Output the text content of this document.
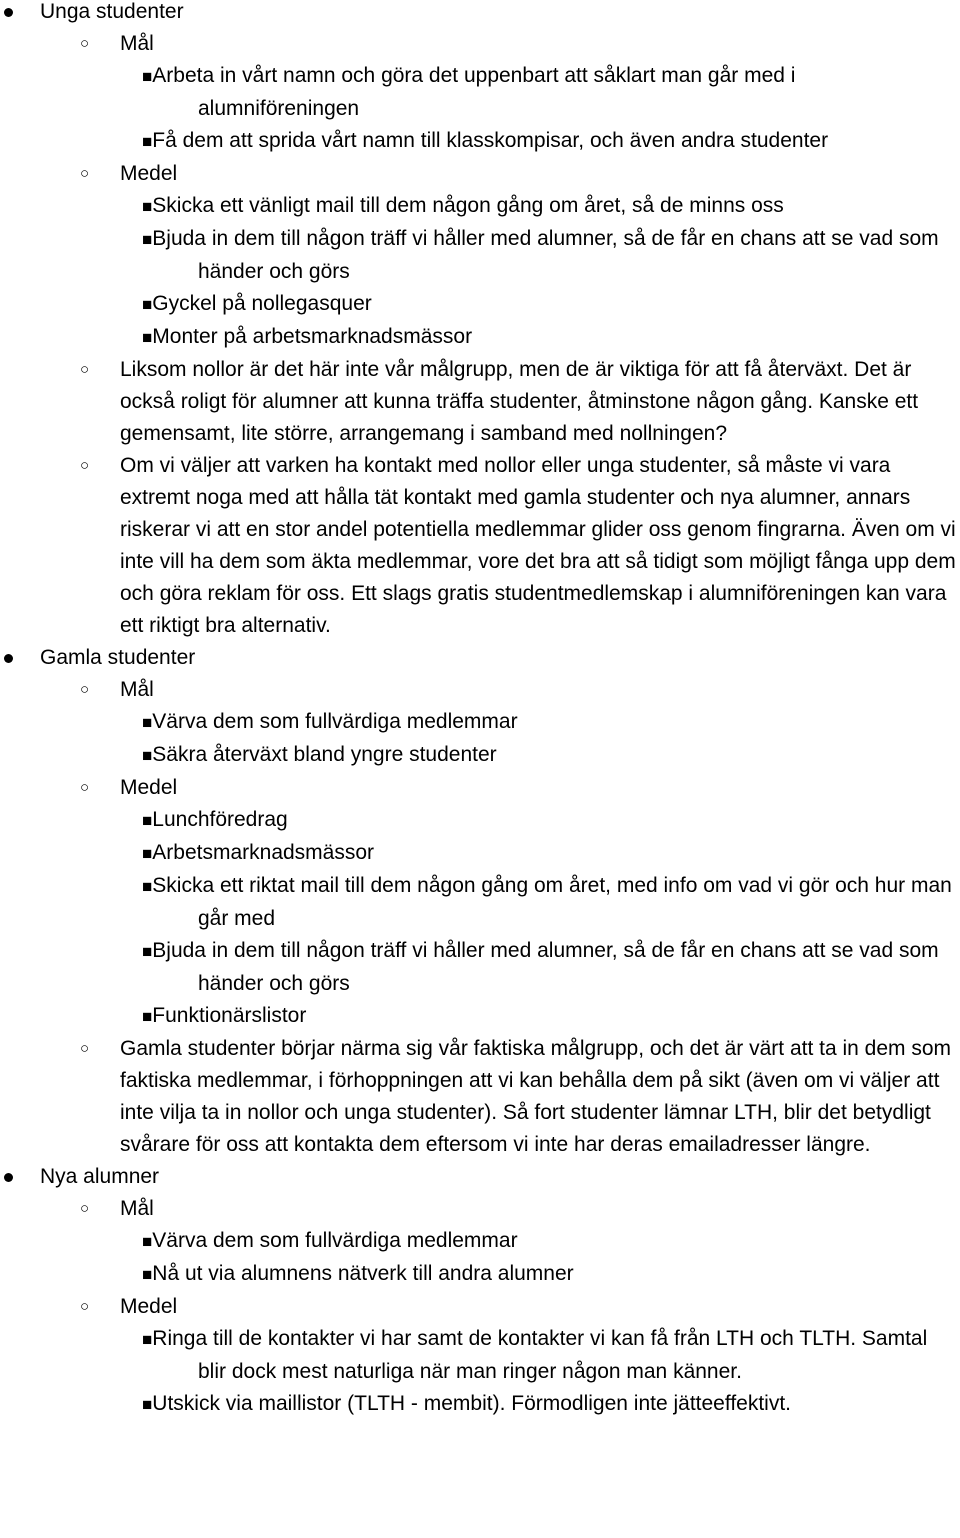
Unga studenter
○ Mål
■Arbeta in vårt namn och göra det uppenbart att såklart man går med i alumniföreningen
■Få dem att sprida vårt namn till klasskompisar, och även andra studenter
○ Medel
■Skicka ett vänligt mail till dem någon gång om året, så de minns oss
■Bjuda in dem till någon träff vi håller med alumner, så de får en chans att se vad som händer och görs
■Gyckel på nollegasquer
■Monter på arbetsmarknadsmässor
○ Liksom nollor är det här inte vår målgrupp, men de är viktiga för att få återväxt. Det är också roligt för alumner att kunna träffa studenter, åtminstone någon gång. Kanske ett gemensamt, lite större, arrangemang i samband med nollningen?
○ Om vi väljer att varken ha kontakt med nollor eller unga studenter, så måste vi vara extremt noga med att hålla tät kontakt med gamla studenter och nya alumner, annars riskerar vi att en stor andel potentiella medlemmar glider oss genom fingrarna. Även om vi inte vill ha dem som äkta medlemmar, vore det bra att så tidigt som möjligt fånga upp dem och göra reklam för oss. Ett slags gratis studentmedlemskap i alumniföreningen kan vara ett riktigt bra alternativ.
Gamla studenter
○ Mål
■Värva dem som fullvärdiga medlemmar
■Säkra återväxt bland yngre studenter
○ Medel
■Lunchföredrag
■Arbetsmarknadsmässor
■Skicka ett riktat mail till dem någon gång om året, med info om vad vi gör och hur man går med
■Bjuda in dem till någon träff vi håller med alumner, så de får en chans att se vad som händer och görs
■Funktionärslistor
○ Gamla studenter börjar närma sig vår faktiska målgrupp, och det är värt att ta in dem som faktiska medlemmar, i förhoppningen att vi kan behålla dem på sikt (även om vi väljer att inte vilja ta in nollor och unga studenter). Så fort studenter lämnar LTH, blir det betydligt svårare för oss att kontakta dem eftersom vi inte har deras emailadresser längre.
Nya alumner
○ Mål
■Värva dem som fullvärdiga medlemmar
■Nå ut via alumnens nätverk till andra alumner
○ Medel
■Ringa till de kontakter vi har samt de kontakter vi kan få från LTH och TLTH. Samtal blir dock mest naturliga när man ringer någon man känner.
■Utskick via maillistor (TLTH - membit). Förmodligen inte jätteeffektivt.
